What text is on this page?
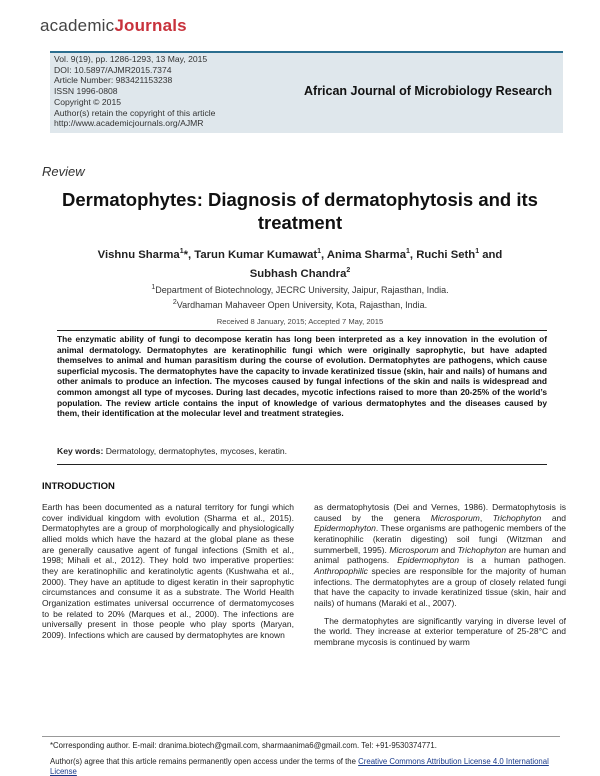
academicJournals
Vol. 9(19), pp. 1286-1293, 13 May, 2015
DOI: 10.5897/AJMR2015.7374
Article Number: 983421153238
ISSN 1996-0808
Copyright © 2015
Author(s) retain the copyright of this article
http://www.academicjournals.org/AJMR
African Journal of Microbiology Research
Review
Dermatophytes: Diagnosis of dermatophytosis and its treatment
Vishnu Sharma$^1$*, Tarun Kumar Kumawat$^1$, Anima Sharma$^1$, Ruchi Seth$^1$ and
Subhash Chandra$^2$
$^1$Department of Biotechnology, JECRC University, Jaipur, Rajasthan, India.
$^2$Vardhaman Mahaveer Open University, Kota, Rajasthan, India.
Received 8 January, 2015; Accepted 7 May, 2015
The enzymatic ability of fungi to decompose keratin has long been interpreted as a key innovation in the evolution of animal dermatology. Dermatophytes are keratinophilic fungi which were originally saprophytic, but have adapted themselves to animal and human parasitism during the course of evolution. Dermatophytes are pathogens, which cause superficial mycosis. The dermatophytes have the capacity to invade keratinized tissue (skin, hair and nails) of humans and other animals to produce an infection. The mycoses caused by fungal infections of the skin and nails is widespread and common amongst all type of mycoses. During last decades, mycotic infections raised to more than 20-25% of the world’s population. The review article contains the input of knowledge of various dermatophytes and the diseases caused by them, their identification at the molecular level and treatment strategies.
Key words: Dermatology, dermatophytes, mycoses, keratin.
INTRODUCTION

Earth has been documented as a natural territory for fungi which cover individual kingdom with evolution (Sharma et al., 2015). Dermatophytes are a group of morphologically and physiologically allied molds which have the hazard at the global plane as these are generally causative agent of fungal infections (Smith et al., 1998; Mihali et al., 2012). They hold two imperative properties: they are keratinophilic and keratinolytic agents (Kushwaha et al., 2000). They have an aptitude to digest keratin in their saprophytic circumstances and consume it as a substrate. The World Health Organization estimates universal occurrence of dermatomycoses to be related to 20% (Marques et al., 2000). The infections are universally present in those people who play sports (Maryan, 2009). Infections which are caused by dermatophytes are known

as dermatophytosis (Dei and Vernes, 1986). Dermatophytosis is caused by the genera Microsporum, Trichophyton and Epidermophyton. These organisms are pathogenic members of the keratinophilic (keratin digesting) soil fungi (Witzman and summerbell, 1995). Microsporum and Trichophyton are human and animal pathogens. Epidermophyton is a human pathogen. Anthropophilic species are responsible for the majority of human infections. The dermatophytes are a group of closely related fungi that have the capacity to invade keratinized tissue (skin, hair and nails) of humans (Maraki et al., 2007).

The dermatophytes are significantly varying in diverse level of the world. They increase at exterior temperature of 25-28°C and membrane mycosis is continued by warm

*Corresponding author. E-mail: dranima.biotech@gmail.com, sharmaanima6@gmail.com. Tel: +91-9530374771.
Author(s) agree that this article remains permanently open access under the terms of the Creative Commons Attribution License 4.0 International License
